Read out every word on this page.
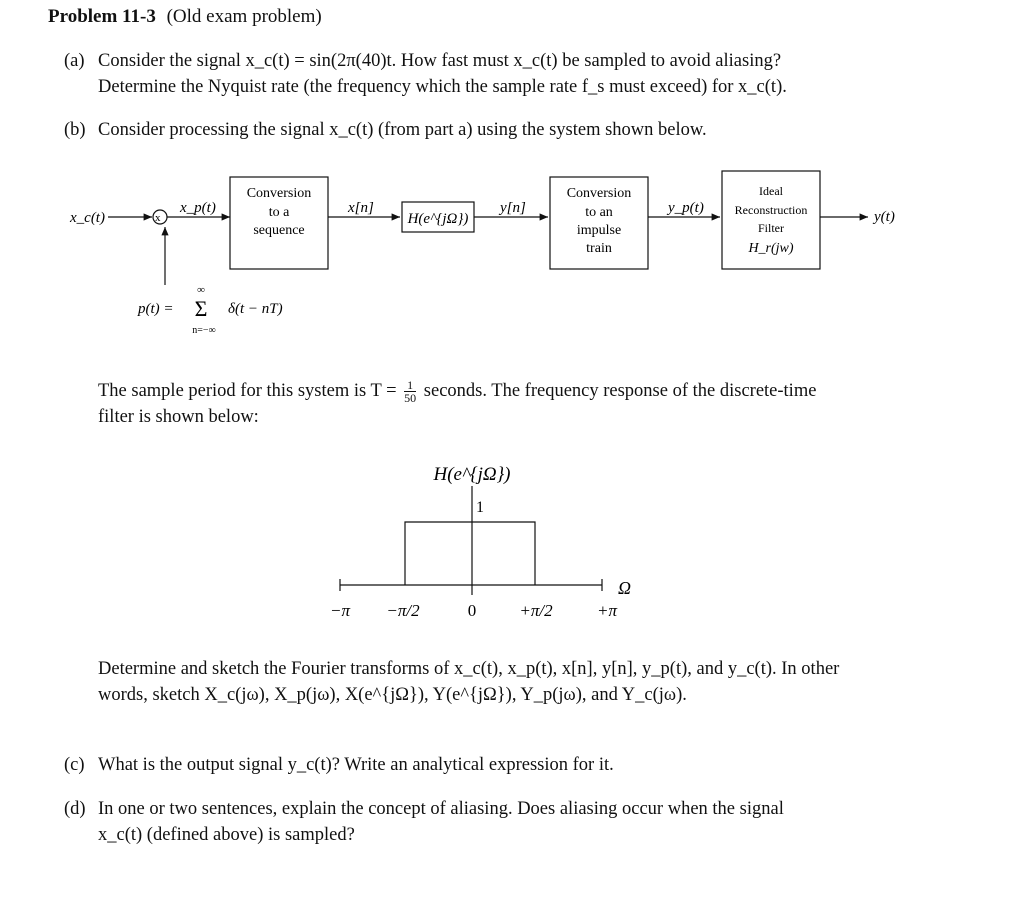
Problem 11-3 (Old exam problem)
(a) Consider the signal x_c(t) = sin(2π(40)t. How fast must x_c(t) be sampled to avoid aliasing?
Determine the Nyquist rate (the frequency which the sample rate f_s must exceed) for x_c(t).
(b) Consider processing the signal x_c(t) (from part a) using the system shown below.
x_c(t)	x
x_p(t)
Conversion
to a
sequence
x[n]
H(e^{jΩ})
y[n]
Conversion
to an
impulse
train
y_p(t)
Ideal
Reconstruction
Filter
H_r(jw)
y(t)
p(t) =
∞
Σ
n=−∞
δ(t − nT)
The sample period for this system is $T = \frac{1}{50}$ seconds. The frequency response of the discrete-time
filter is shown below:
H(e^{jΩ})
1
Ω
−π −π/2	0	+π/2	+π
Determine and sketch the Fourier transforms of x_c(t), x_p(t), x[n], y[n], y_p(t), and y_c(t). In other
words, sketch X_c(jω), X_p(jω), X(e^{jΩ}), Y(e^{jΩ}), Y_p(jω), and Y_c(jω).
(c) What is the output signal y_c(t)? Write an analytical expression for it.
(d) In one or two sentences, explain the concept of aliasing. Does aliasing occur when the signal
x_c(t) (defined above) is sampled?
